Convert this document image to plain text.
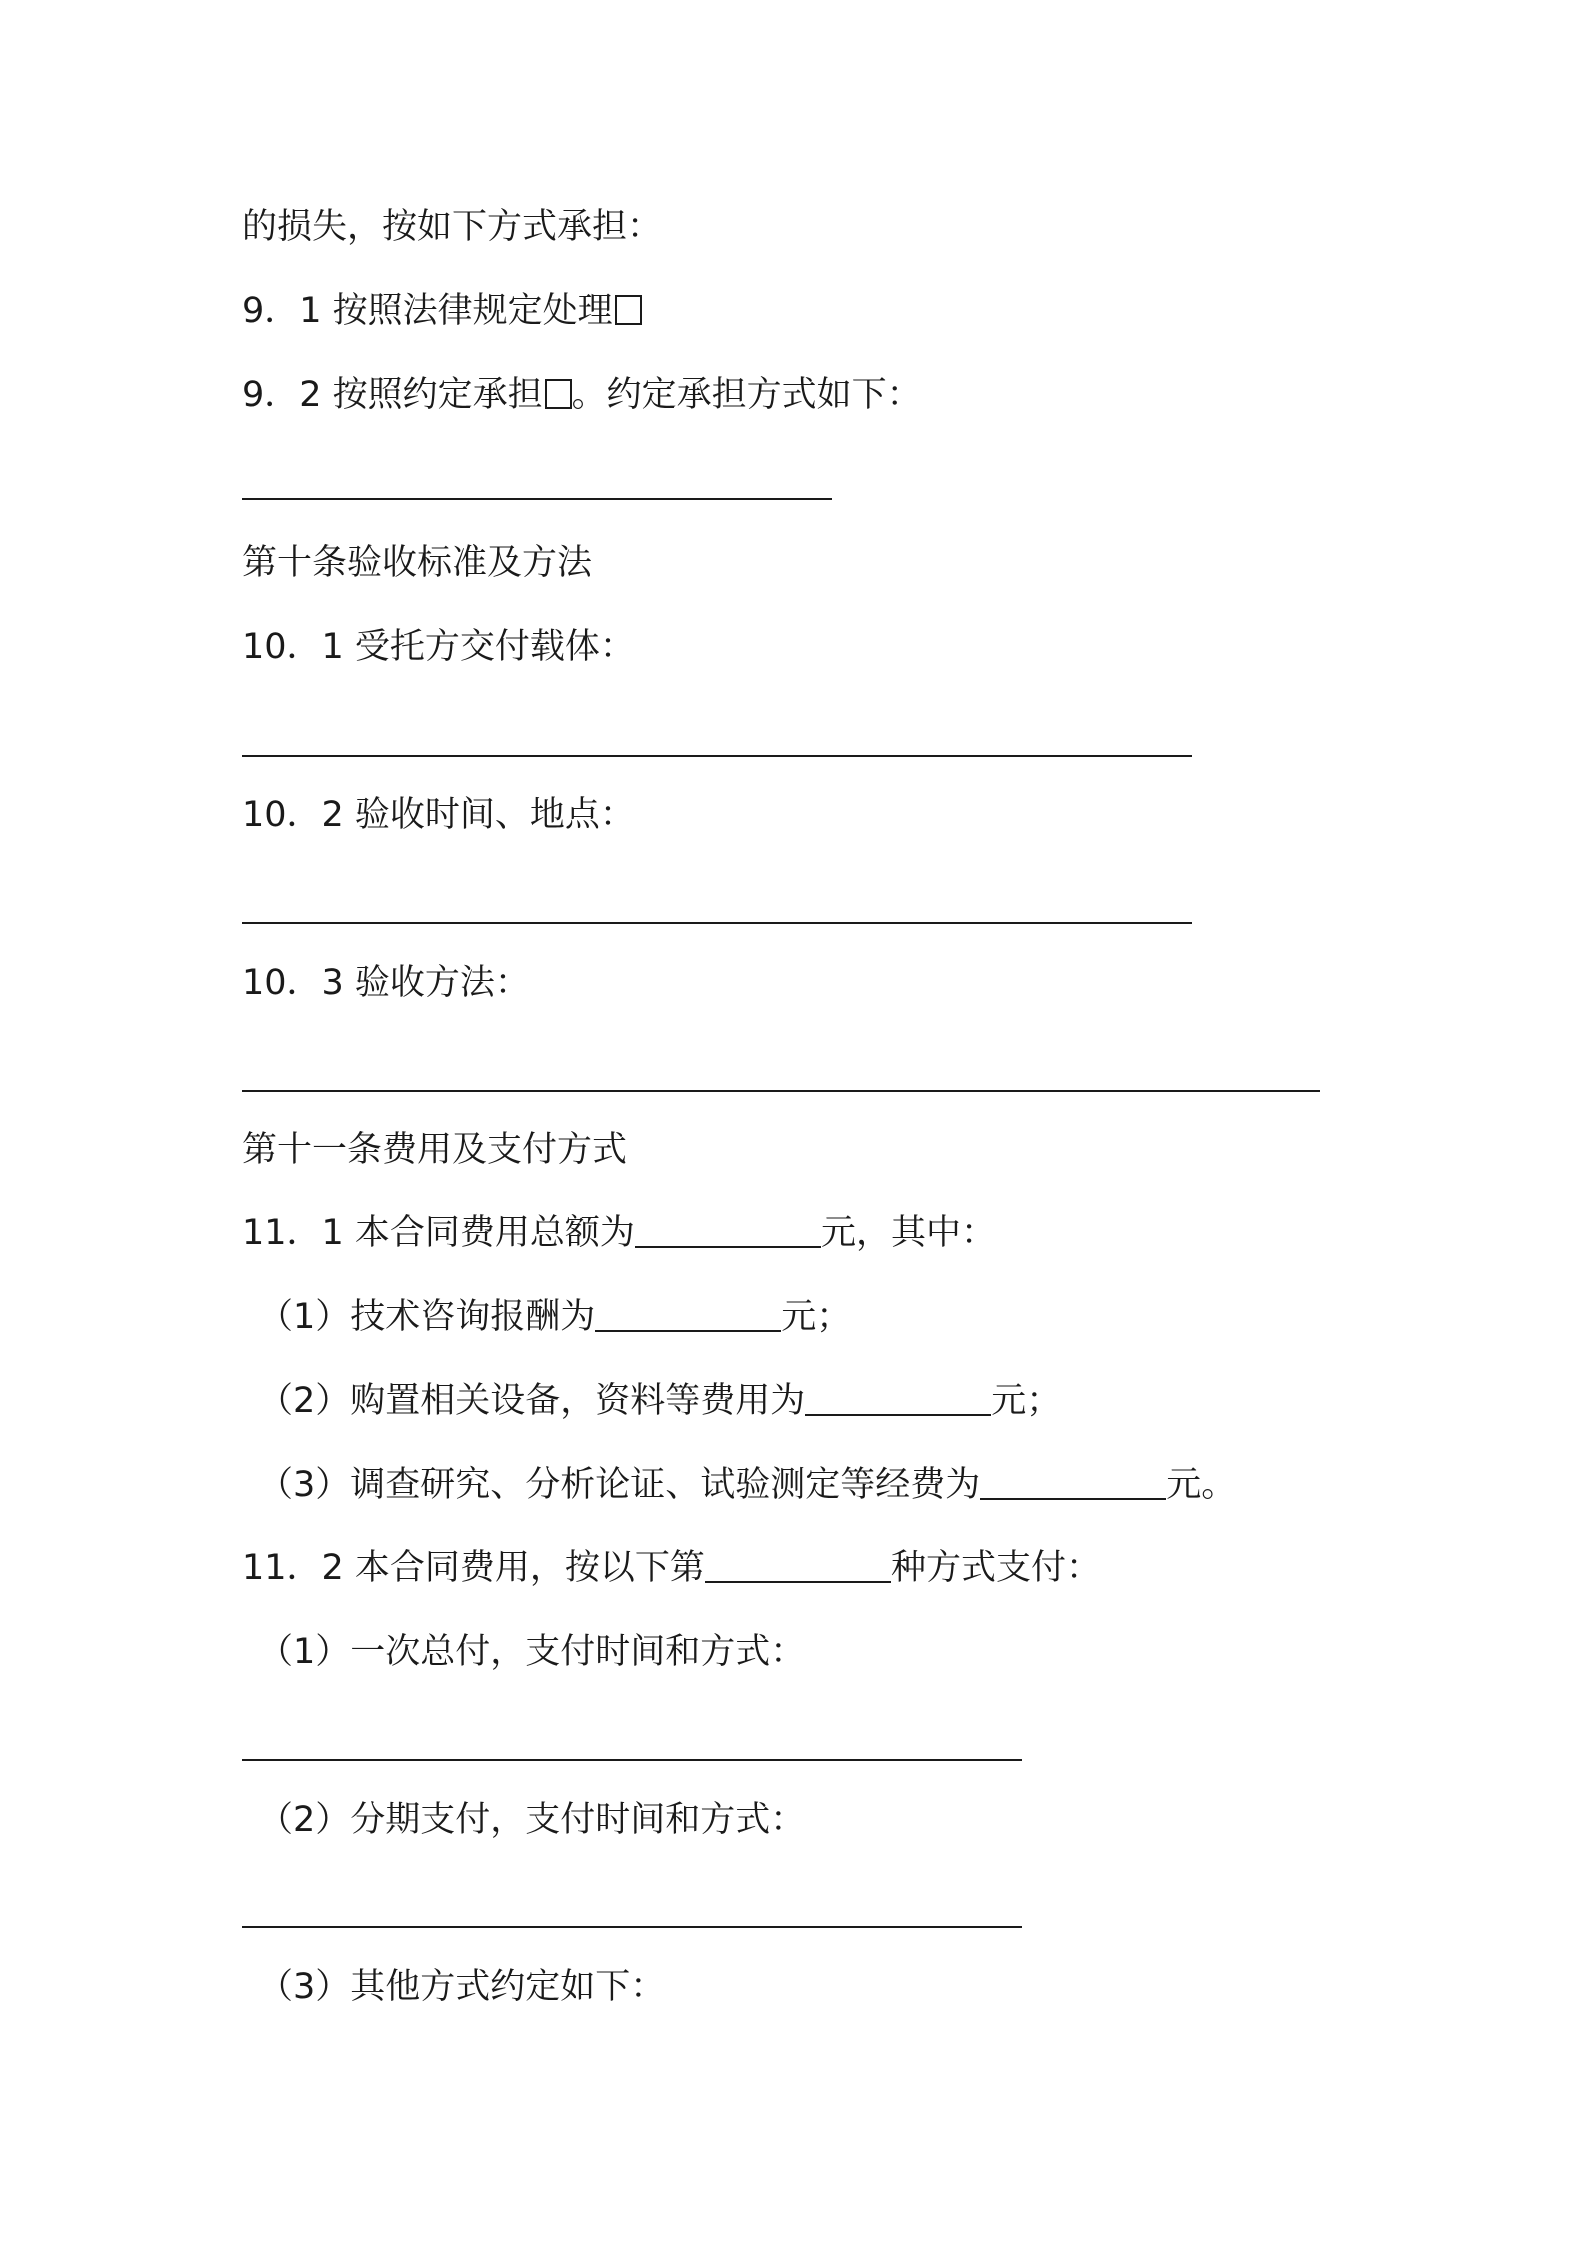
的损失，按如下方式承担：
9．1 按照法律规定处理
9．2 按照约定承担 。约定承担方式如下：
第十条验收标准及方法
10．1 受托方交付载体：
10．2 验收时间、地点：
10．3 验收方法：
第十一条费用及支付方式
11．1 本合同费用总额为	元，其中：
（1）技术咨询报酬为	元；
（2）购置相关设备，资料等费用为	元；
（3）调查研究、分析论证、试验测定等经费为	元。
11．2 本合同费用，按以下第	种方式支付：
（1）一次总付，支付时间和方式：
（2）分期支付，支付时间和方式：
（3）其他方式约定如下：
